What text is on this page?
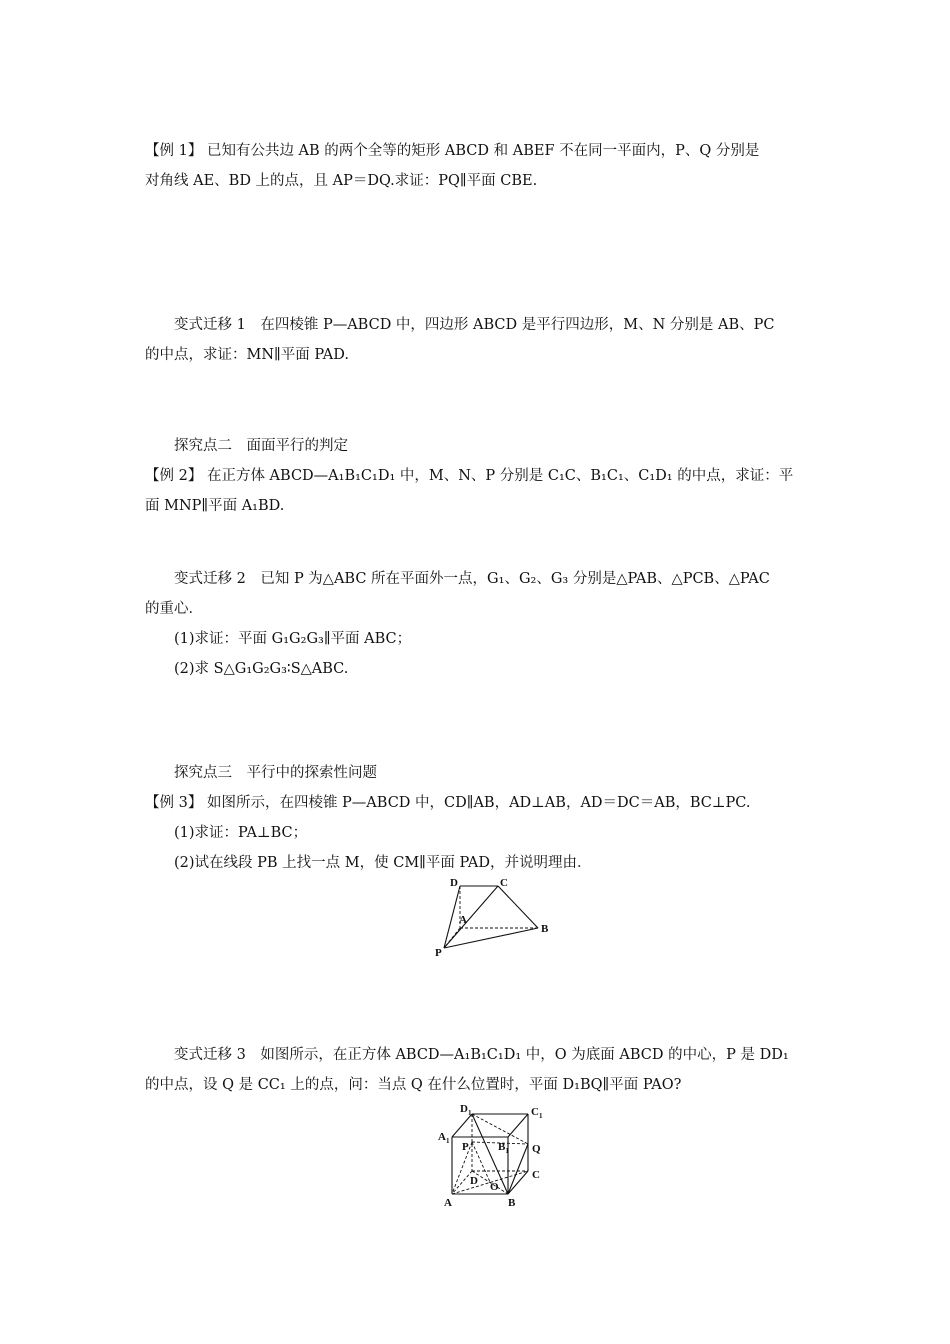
【例 1】 已知有公共边 AB 的两个全等的矩形 ABCD 和 ABEF 不在同一平面内，P、Q 分别是
对角线 AE、BD 上的点，且 AP＝DQ.求证：PQ∥平面 CBE.

变式迁移 1　在四棱锥 P—ABCD 中，四边形 ABCD 是平行四边形，M、N 分别是 AB、PC
的中点，求证：MN∥平面 PAD.

探究点二　面面平行的判定
【例 2】 在正方体 ABCD—A₁B₁C₁D₁ 中，M、N、P 分别是 C₁C、B₁C₁、C₁D₁ 的中点，求证：平
面 MNP∥平面 A₁BD.

变式迁移 2　已知 P 为△ABC 所在平面外一点，G₁、G₂、G₃ 分别是△PAB、△PCB、△PAC
的重心．
(1)求证：平面 G₁G₂G₃∥平面 ABC；
(2)求 S△G₁G₂G₃∶S△ABC.

探究点三　平行中的探索性问题
【例 3】 如图所示，在四棱锥 P—ABCD 中，CD∥AB，AD⊥AB，AD＝DC＝AB，BC⊥PC.
(1)求证：PA⊥BC；
(2)试在线段 PB 上找一点 M，使 CM∥平面 PAD，并说明理由．

D	C
A
B
P

变式迁移 3　如图所示，在正方体 ABCD—A₁B₁C₁D₁ 中，O 为底面 ABCD 的中心，P 是 DD₁
的中点，设 Q 是 CC₁ 上的点，问：当点 Q 在什么位置时，平面 D₁BQ∥平面 PAO?

$D_1$	$C_1$
$A_1$ P	$B_1$ Q
C
D O
A	B
